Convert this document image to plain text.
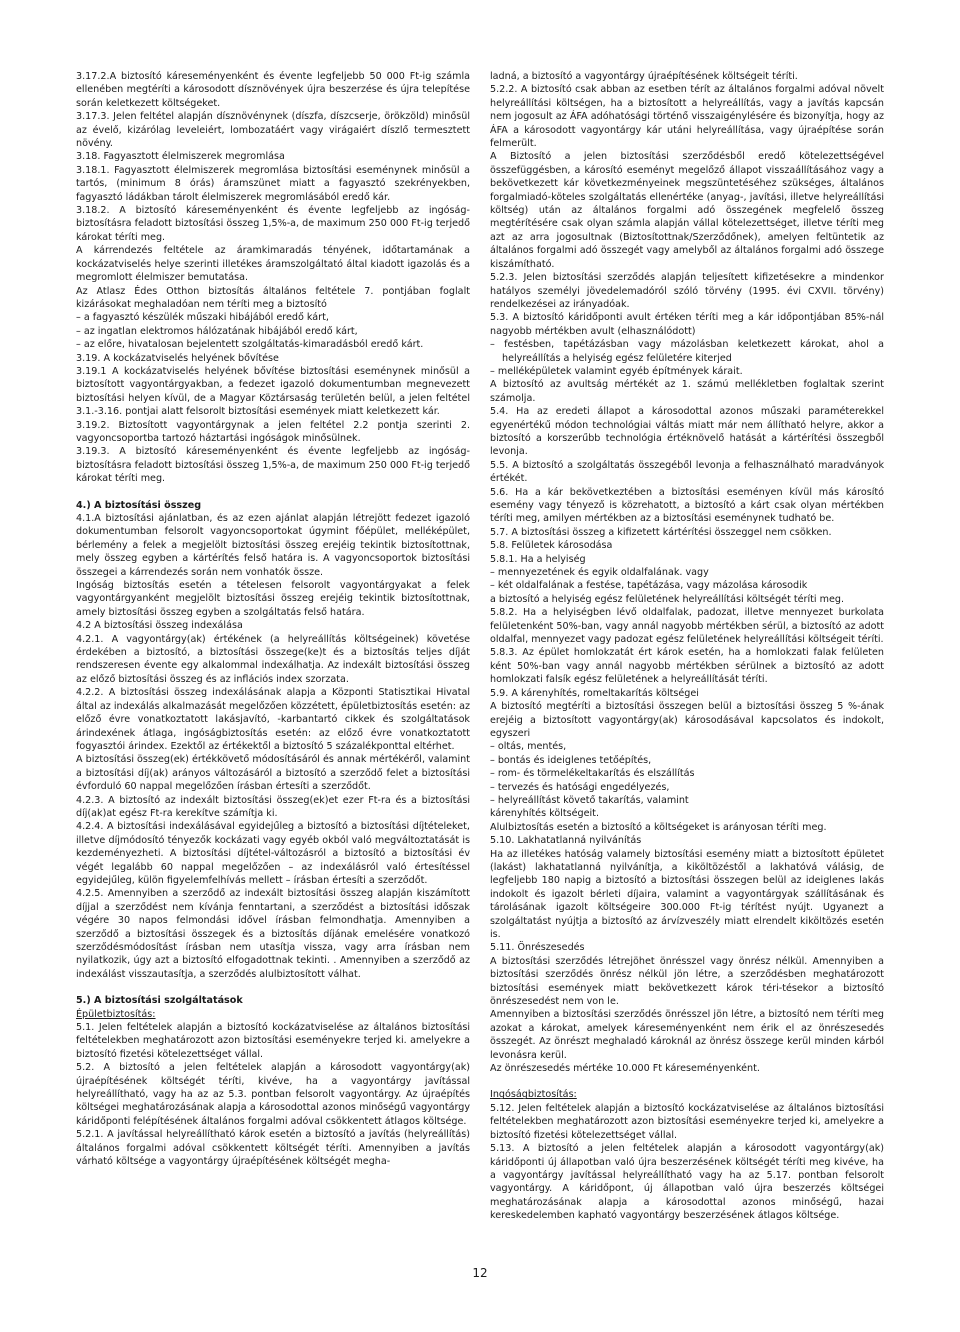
3.17.2.A biztosító káreseményenként és évente legfeljebb 50 000 Ft-ig számla ellenében megtéríti a károsodott dísznövények újra beszerzése és újra telepítése során keletkezett költségeket.

3.17.3. Jelen feltétel alapján dísznövénynek (díszfa, díszcserje, örökzöld) minősül az évelő, kizárólag leveleiért, lombozatáért vagy virágaiért díszlő termesztett növény.

3.18. Fagyasztott élelmiszerek megromlása

3.18.1. Fagyasztott élelmiszerek megromlása biztosítási eseménynek minősül a tartós, (minimum 8 órás) áramszünet miatt a fagyasztó szekrényekben, fagyasztó ládákban tárolt élelmiszerek megromlásából eredő kár.

3.18.2. A biztosító káreseményenként és évente legfeljebb az ingóság-biztosításra feladott biztosítási összeg 1,5%-a, de maximum 250 000 Ft-ig terjedő károkat téríti meg.

A kárrendezés feltétele az áramkimaradás tényének, időtartamának a kockázatviselés helye szerinti illetékes áramszolgáltató által kiadott igazolás és a megromlott élelmiszer bemutatása.

Az Atlasz Édes Otthon biztosítás általános feltétele 7. pontjában foglalt kizárásokat meghaladóan nem téríti meg a biztosító

– a fagyasztó készülék műszaki hibájából eredő kárt,

– az ingatlan elektromos hálózatának hibájából eredő kárt,

– az előre, hivatalosan bejelentett szolgáltatás-kimaradásból eredő kárt.

3.19. A kockázatviselés helyének bővítése

3.19.1 A kockázatviselés helyének bővítése biztosítási eseménynek minősül a biztosított vagyontárgyakban, a fedezet igazoló dokumentumban megnevezett biztosítási helyen kívül, de a Magyar Köztársaság területén belül, a jelen feltétel 3.1.-3.16. pontjai alatt felsorolt biztosítási események miatt keletkezett kár.

3.19.2. Biztosított vagyontárgynak a jelen feltétel 2.2 pontja szerinti 2. vagyoncsoportba tartozó háztartási ingóságok minősülnek.

3.19.3. A biztosító káreseményenként és évente legfeljebb az ingóság-biztosításra feladott biztosítási összeg 1,5%-a, de maximum 250 000 Ft-ig terjedő károkat téríti meg.

4.) A biztosítási összeg

4.1.A biztosítási ajánlatban, és az ezen ajánlat alapján létrejött fedezet igazoló dokumentumban felsorolt vagyoncsoportokat úgymint főépület, melléképület, bérlemény a felek a megjelölt biztosítási összeg erejéig tekintik biztosítottnak, mely összeg egyben a kártérítés felső határa is. A vagyoncsoportok biztosítási összegei a kárrendezés során nem vonhatók össze.

Ingóság biztosítás esetén a tételesen felsorolt vagyontárgyakat a felek vagyontárgyanként megjelölt biztosítási összeg erejéig tekintik biztosítottnak, amely biztosítási összeg egyben a szolgáltatás felső határa.

4.2 A biztosítási összeg indexálása

4.2.1. A vagyontárgy(ak) értékének (a helyreállítás költségeinek) követése érdekében a biztosító, a biztosítási összege(ke)t és a biztosítás teljes díját rendszeresen évente egy alkalommal indexálhatja. Az indexált biztosítási összeg az előző biztosítási összeg és az inflációs index szorzata.

4.2.2. A biztosítási összeg indexálásának alapja a Központi Statisztikai Hivatal által az indexálás alkalmazását megelőzően közzétett, épületbiztosítás esetén: az előző évre vonatkoztatott lakásjavító, -karbantartó cikkek és szolgáltatások árindexének átlaga, ingóságbiztosítás esetén: az előző évre vonatkoztatott fogyasztói árindex. Ezektől az értékektől a biztosító 5 százalékponttal eltérhet.

A biztosítási összeg(ek) értékkövető módosításáról és annak mértékéről, valamint a biztosítási díj(ak) arányos változásáról a biztosító a szerződő felet a biztosítási évforduló 60 nappal megelőzően írásban értesíti a szerződőt.

4.2.3. A biztosító az indexált biztosítási összeg(ek)et ezer Ft-ra és a biztosítási díj(ak)at egész Ft-ra kerekítve számítja ki.

4.2.4. A biztosítási indexálásával egyidejűleg a biztosító a biztosítási díjtételeket, illetve díjmódosító tényezők kockázati vagy egyéb okból való megváltoztatását is kezdeményezheti. A biztosítási díjtétel-változásról a biztosító a biztosítási év végét legalább 60 nappal megelőzően – az indexálásról való értesítéssel egyidejűleg, külön figyelemfelhívás mellett – írásban értesíti a szerződőt.

4.2.5. Amennyiben a szerződő az indexált biztosítási összeg alapján kiszámított díjjal a szerződést nem kívánja fenntartani, a szerződést a biztosítási időszak végére 30 napos felmondási idővel írásban felmondhatja. Amennyiben a szerződő a biztosítási összegek és a biztosítás díjának emelésére vonatkozó szerződésmódosítást írásban nem utasítja vissza, vagy arra írásban nem nyilatkozik, úgy azt a biztosító elfogadottnak tekinti. . Amennyiben a szerződő az indexálást visszautasítja, a szerződés alulbiztosított válhat.

5.) A biztosítási szolgáltatások

Épületbiztosítás:

5.1. Jelen feltételek alapján a biztosító kockázatviselése az általános biztosítási feltételekben meghatározott azon biztosítási eseményekre terjed ki. amelyekre a biztosító fizetési kötelezettséget vállal.

5.2. A biztosító a jelen feltételek alapján a károsodott vagyontárgy(ak) újraépítésének költségét téríti, kivéve, ha a vagyontárgy javítással helyreállítható, vagy ha az az 5.3. pontban felsorolt vagyontárgy. Az újraépítés költségei meghatározásának alapja a károsodottal azonos minőségű vagyontárgy káridőponti felépítésének általános forgalmi adóval csökkentett átlagos költsége.

5.2.1. A javítással helyreállítható károk esetén a biztosító a javítás (helyreállítás) általános forgalmi adóval csökkentett költségét téríti. Amennyiben a javítás várható költsége a vagyontárgy újraépítésének költségét megha-

ladná, a biztosító a vagyontárgy újraépítésének költségeit téríti.

5.2.2. A biztosító csak abban az esetben térít az általános forgalmi adóval növelt helyreállítási költségen, ha a biztosított a helyreállítás, vagy a javítás kapcsán nem jogosult az ÁFA adóhatósági történő visszaigénylésére és bizonyítja, hogy az ÁFA a károsodott vagyontárgy kár utáni helyreállítása, vagy újraépítése során felmerült.

A Biztosító a jelen biztosítási szerződésből eredő kötelezettségével összefüggésben, a károsító eseményt megelőző állapot visszaállításához vagy a bekövetkezett kár következményeinek megszüntetéséhez szükséges, általános forgalmiadó-köteles szolgáltatás ellenértéke (anyag-, javítási, illetve helyreállítási költség) után az általános forgalmi adó összegének megfelelő összeg megtérítésére csak olyan számla alapján vállal kötelezettséget, illetve téríti meg azt az arra jogosultnak (Biztosítottnak/Szerződőnek), amelyen feltüntetik az általános forgalmi adó összegét vagy amelyből az általános forgalmi adó összege kiszámítható.

5.2.3. Jelen biztosítási szerződés alapján teljesített kifizetésekre a mindenkor hatályos személyi jövedelemadóról szóló törvény (1995. évi CXVII. törvény) rendelkezései az irányadóak.

5.3. A biztosító káridőponti avult értéken téríti meg a kár időpontjában 85%-nál nagyobb mértékben avult (elhasználódott)

– festésben, tapétázásban vagy mázolásban keletkezett károkat, ahol a helyreállítás a helyiség egész felületére kiterjed

– melléképületek valamint egyéb építmények kárait.

A biztosító az avultság mértékét az 1. számú mellékletben foglaltak szerint számolja.

5.4. Ha az eredeti állapot a károsodottal azonos műszaki paraméterekkel egyenértékű módon technológiai váltás miatt már nem állítható helyre, akkor a biztosító a korszerűbb technológia értéknövelő hatását a kártérítési összegből levonja.

5.5. A biztosító a szolgáltatás összegéből levonja a felhasználható maradványok értékét.

5.6. Ha a kár bekövetkeztében a biztosítási eseményen kívül más károsító esemény vagy tényező is közrehatott, a biztosító a kárt csak olyan mértékben téríti meg, amilyen mértékben az a biztosítási eseménynek tudható be.

5.7. A biztosítási összeg a kifizetett kártérítési összeggel nem csökken.

5.8. Felületek károsodása

5.8.1. Ha a helyiség

– mennyezetének és egyik oldalfalának. vagy

– két oldalfalának a festése, tapétázása, vagy mázolása károsodik

a biztosító a helyiség egész felületének helyreállítási költségét téríti meg.

5.8.2. Ha a helyiségben lévő oldalfalak, padozat, illetve mennyezet burkolata felületenként 50%-ban, vagy annál nagyobb mértékben sérül, a biztosító az adott oldalfal, mennyezet vagy padozat egész felületének helyreállítási költségeit téríti.

5.8.3. Az épület homlokzatát ért károk esetén, ha a homlokzati falak felületen ként 50%-ban vagy annál nagyobb mértékben sérülnek a biztosító az adott homlokzati falsík egész felületének a helyreállítását téríti.

5.9. A kárenyhítés, romeltakarítás költségei

A biztosító megtéríti a biztosítási összegen belül a biztosítási összeg 5 %-ának erejéig a biztosított vagyontárgy(ak) károsodásával kapcsolatos és indokolt, egyszeri

– oltás, mentés,

– bontás és ideiglenes tetőépítés,

– rom- és törmelékeltakarítás és elszállítás

– tervezés és hatósági engedélyezés,

– helyreállítást követő takarítás, valamint

kárenyhítés költségeit.

Alulbiztosítás esetén a biztosító a költségeket is arányosan téríti meg.

5.10. Lakhatatlanná nyilvánítás

Ha az illetékes hatóság valamely biztosítási esemény miatt a biztosított épületet (lakást) lakhatatlanná nyilvánítja, a kiköltözéstől a lakhatóvá válásig, de legfeljebb 180 napig a biztosító a biztosítási összegen belül az ideiglenes lakás indokolt és igazolt bérleti díjaira, valamint a vagyontárgyak szállításának és tárolásának igazolt költségeire 300.000 Ft-ig térítést nyújt. Ugyanezt a szolgáltatást nyújtja a biztosító az árvízveszély miatt elrendelt kiköltözés esetén is.

5.11. Önrészesedés

A biztosítási szerződés létrejöhet önrésszel vagy önrész nélkül. Amennyiben a biztosítási szerződés önrész nélkül jön létre, a szerződésben meghatározott biztosítási események miatt bekövetkezett károk téri-tésekor a biztosító önrészesedést nem von le.

Amennyiben a biztosítási szerződés önrésszel jön létre, a biztosító nem téríti meg azokat a károkat, amelyek káreseményenként nem érik el az önrészesedés összegét. Az önrészt meghaladó károknál az önrész összege kerül minden kárból levonásra kerül.

Az önrészesedés mértéke 10.000 Ft káreseményenként.

Ingóságbiztosítás:

5.12. Jelen feltételek alapján a biztosító kockázatviselése az általános biztosítási feltételekben meghatározott azon biztosítási eseményekre terjed ki, amelyekre a biztosító fizetési kötelezettséget vállal.

5.13. A biztosító a jelen feltételek alapján a károsodott vagyontárgy(ak) káridőponti új állapotban való újra beszerzésének költségét téríti meg kivéve, ha a vagyontárgy javítással helyreállítható vagy ha az 5.17. pontban felsorolt vagyontárgy. A káridőpont, új állapotban való újra beszerzés költségei meghatározásának alapja a károsodottal azonos minőségű, hazai kereskedelemben kapható vagyontárgy beszerzésének átlagos költsége.

12
